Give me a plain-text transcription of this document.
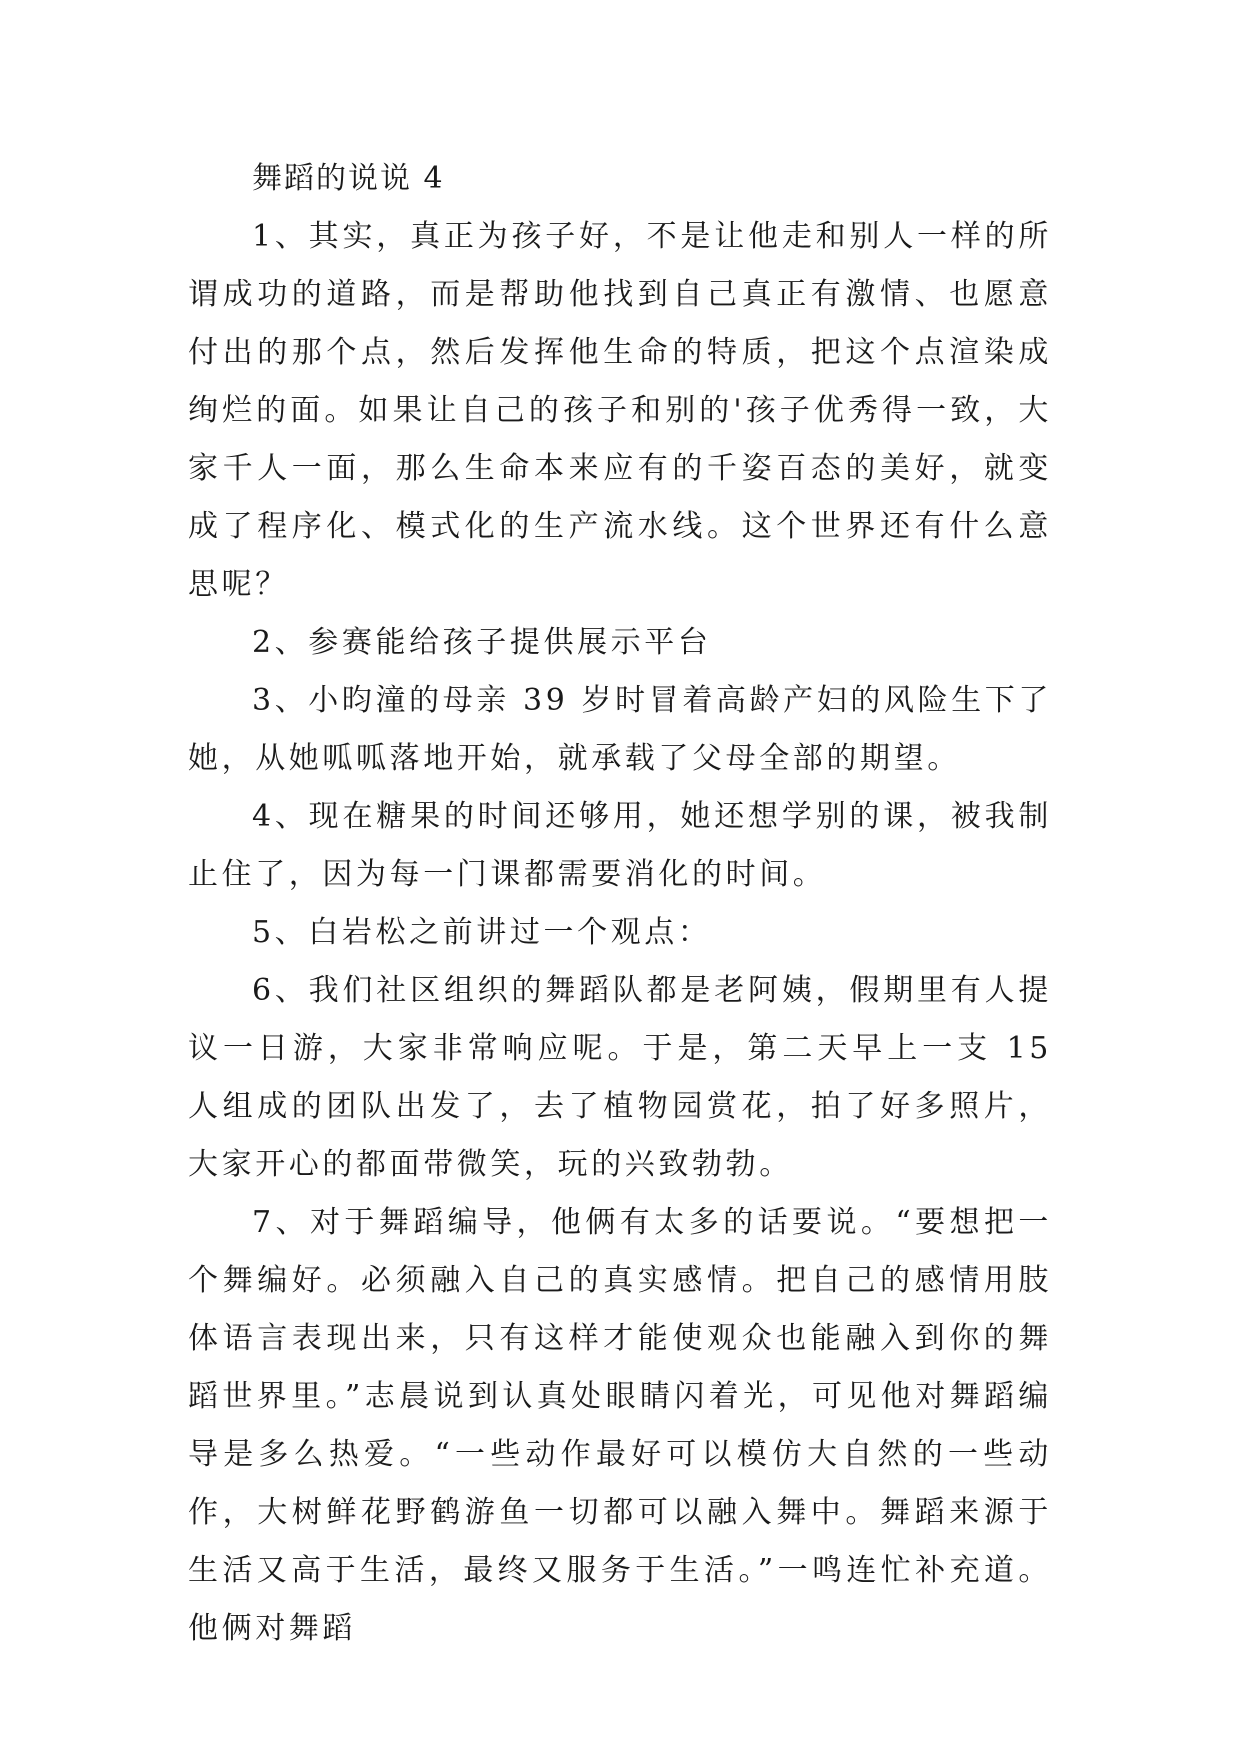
舞蹈的说说 4

1、其实，真正为孩子好，不是让他走和别人一样的所谓成功的道路，而是帮助他找到自己真正有激情、也愿意付出的那个点，然后发挥他生命的特质，把这个点渲染成绚烂的面。如果让自己的孩子和别的'孩子优秀得一致，大家千人一面，那么生命本来应有的千姿百态的美好，就变成了程序化、模式化的生产流水线。这个世界还有什么意思呢？

2、参赛能给孩子提供展示平台

3、小昀潼的母亲 39 岁时冒着高龄产妇的风险生下了她，从她呱呱落地开始，就承载了父母全部的期望。

4、现在糖果的时间还够用，她还想学别的课，被我制止住了，因为每一门课都需要消化的时间。

5、白岩松之前讲过一个观点：

6、我们社区组织的舞蹈队都是老阿姨，假期里有人提议一日游，大家非常响应呢。于是，第二天早上一支 15 人组成的团队出发了，去了植物园赏花，拍了好多照片，大家开心的都面带微笑，玩的兴致勃勃。

7、对于舞蹈编导，他俩有太多的话要说。“要想把一个舞编好。必须融入自己的真实感情。把自己的感情用肢体语言表现出来，只有这样才能使观众也能融入到你的舞蹈世界里。”志晨说到认真处眼睛闪着光，可见他对舞蹈编导是多么热爱。“一些动作最好可以模仿大自然的一些动作，大树鲜花野鹤游鱼一切都可以融入舞中。舞蹈来源于生活又高于生活，最终又服务于生活。”一鸣连忙补充道。他俩对舞蹈
